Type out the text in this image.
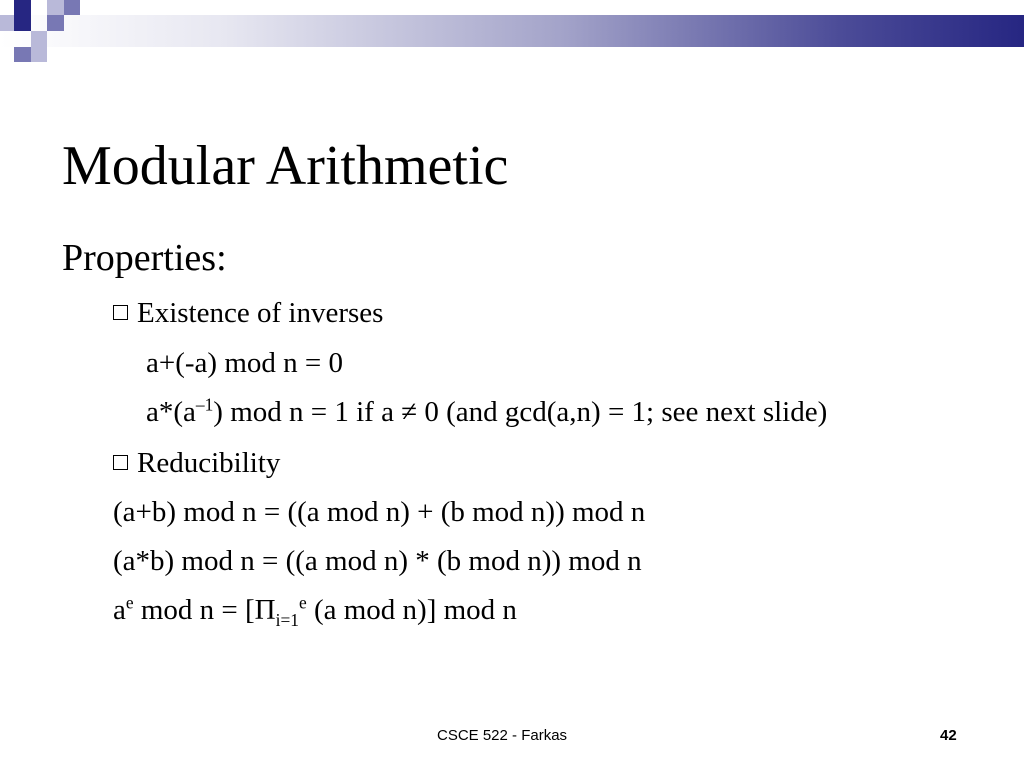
Modular Arithmetic
Properties:
Existence of inverses
a+(-a) mod n = 0
$a*(a^{-1})$ mod n = 1 if a ≠ 0 (and gcd(a,n) = 1; see next slide)
Reducibility
(a+b) mod n = ((a mod n) + (b mod n)) mod n
(a*b) mod n = ((a mod n) * (b mod n)) mod n
$a^e$ mod $n = [\Pi_{i=1}^e$ (a mod n)] mod n
CSCE 522 - Farkas	42
